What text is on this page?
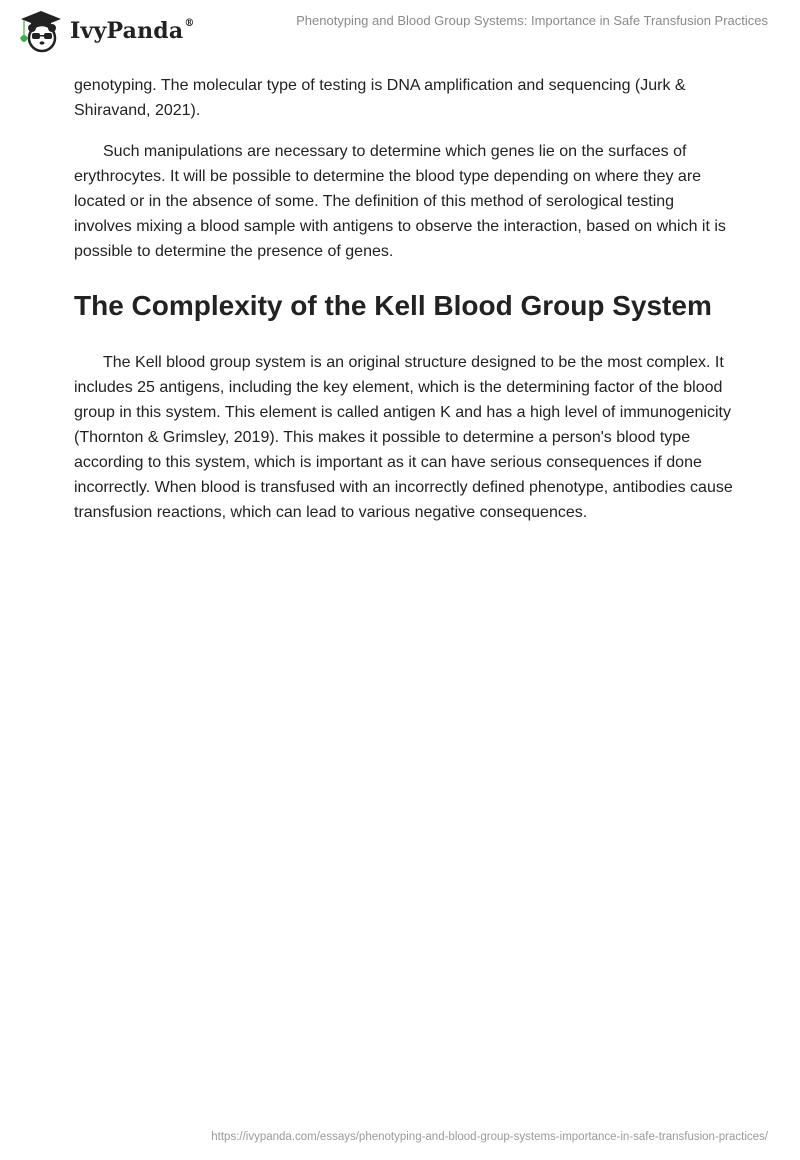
IvyPanda®	Phenotyping and Blood Group Systems: Importance in Safe Transfusion Practices

genotyping. The molecular type of testing is DNA amplification and sequencing (Jurk & Shiravand, 2021).

Such manipulations are necessary to determine which genes lie on the surfaces of erythrocytes. It will be possible to determine the blood type depending on where they are located or in the absence of some. The definition of this method of serological testing involves mixing a blood sample with antigens to observe the interaction, based on which it is possible to determine the presence of genes.

The Complexity of the Kell Blood Group System

The Kell blood group system is an original structure designed to be the most complex. It includes 25 antigens, including the key element, which is the determining factor of the blood group in this system. This element is called antigen K and has a high level of immunogenicity (Thornton & Grimsley, 2019). This makes it possible to determine a person's blood type according to this system, which is important as it can have serious consequences if done incorrectly. When blood is transfused with an incorrectly defined phenotype, antibodies cause transfusion reactions, which can lead to various negative consequences.

https://ivypanda.com/essays/phenotyping-and-blood-group-systems-importance-in-safe-transfusion-practices/
